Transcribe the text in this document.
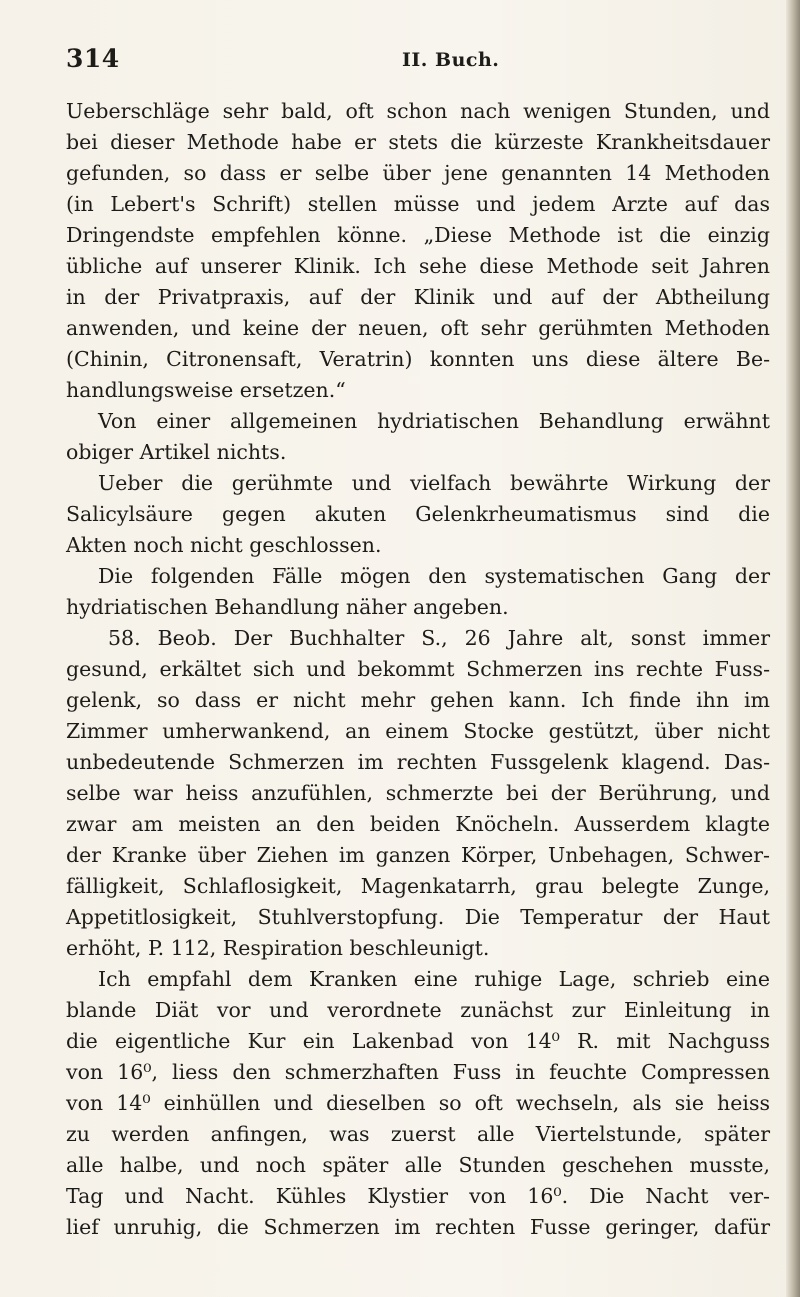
314	II. Buch.
Ueberschläge sehr bald, oft schon nach wenigen Stunden, und
bei dieser Methode habe er stets die kürzeste Krankheitsdauer
gefunden, so dass er selbe über jene genannten 14 Methoden
(in Lebert's Schrift) stellen müsse und jedem Arzte auf das
Dringendste empfehlen könne. „Diese Methode ist die einzig
übliche auf unserer Klinik. Ich sehe diese Methode seit Jahren
in der Privatpraxis, auf der Klinik und auf der Abtheilung
anwenden, und keine der neuen, oft sehr gerühmten Methoden
(Chinin, Citronensaft, Veratrin) konnten uns diese ältere Be-
handlungsweise ersetzen.“
Von einer allgemeinen hydriatischen Behandlung erwähnt
obiger Artikel nichts.
Ueber die gerühmte und vielfach bewährte Wirkung der
Salicylsäure gegen akuten Gelenkrheumatismus sind die
Akten noch nicht geschlossen.
Die folgenden Fälle mögen den systematischen Gang der
hydriatischen Behandlung näher angeben.
58. Beob. Der Buchhalter S., 26 Jahre alt, sonst immer
gesund, erkältet sich und bekommt Schmerzen ins rechte Fuss-
gelenk, so dass er nicht mehr gehen kann. Ich finde ihn im
Zimmer umherwankend, an einem Stocke gestützt, über nicht
unbedeutende Schmerzen im rechten Fussgelenk klagend. Das-
selbe war heiss anzufühlen, schmerzte bei der Berührung, und
zwar am meisten an den beiden Knöcheln. Ausserdem klagte
der Kranke über Ziehen im ganzen Körper, Unbehagen, Schwer-
fälligkeit, Schlaflosigkeit, Magenkatarrh, grau belegte Zunge,
Appetitlosigkeit, Stuhlverstopfung. Die Temperatur der Haut
erhöht, P. 112, Respiration beschleunigt.
Ich empfahl dem Kranken eine ruhige Lage, schrieb eine
blande Diät vor und verordnete zunächst zur Einleitung in
die eigentliche Kur ein Lakenbad von 14⁰ R. mit Nachguss
von 16⁰, liess den schmerzhaften Fuss in feuchte Compressen
von 14⁰ einhüllen und dieselben so oft wechseln, als sie heiss
zu werden anfingen, was zuerst alle Viertelstunde, später
alle halbe, und noch später alle Stunden geschehen musste,
Tag und Nacht. Kühles Klystier von 16⁰. Die Nacht ver-
lief unruhig, die Schmerzen im rechten Fusse geringer, dafür
